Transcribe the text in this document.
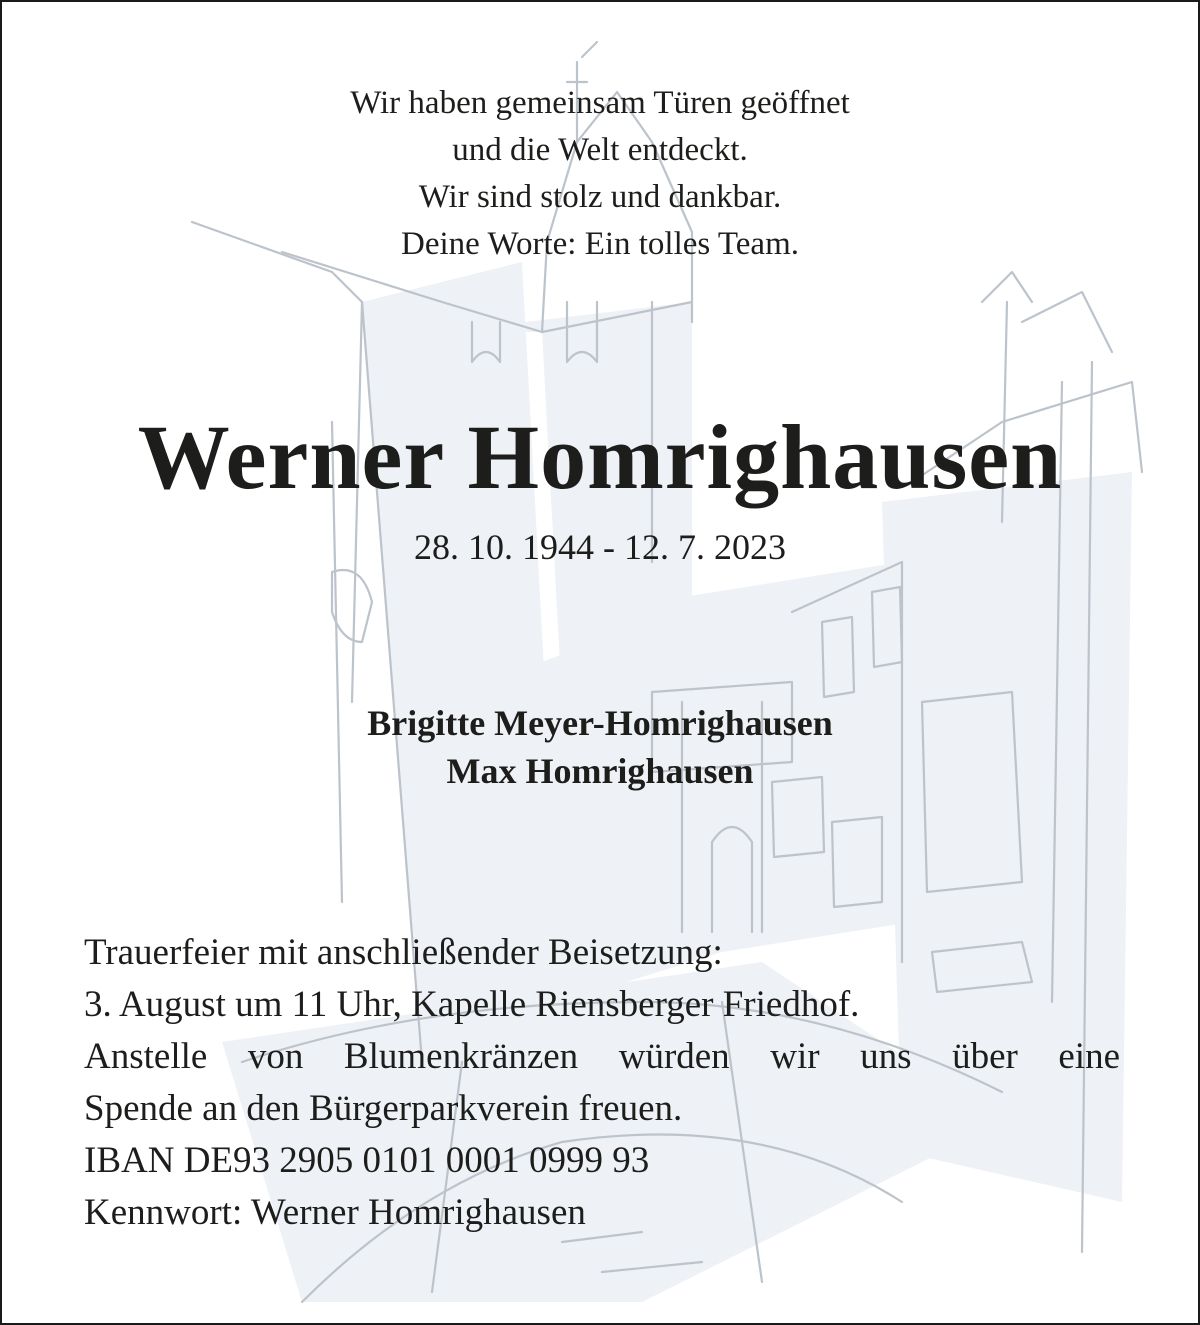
Wir haben gemeinsam Türen geöffnet
und die Welt entdeckt.
Wir sind stolz und dankbar.
Deine Worte: Ein tolles Team.
Werner Homrighausen
28. 10. 1944 - 12. 7. 2023
Brigitte Meyer-Homrighausen
Max Homrighausen
Trauerfeier mit anschließender Beisetzung:
3. August um 11 Uhr, Kapelle Riensberger Friedhof.
Anstelle von Blumenkränzen würden wir uns über eine
Spende an den Bürgerparkverein freuen.
IBAN DE93 2905 0101 0001 0999 93
Kennwort: Werner Homrighausen
